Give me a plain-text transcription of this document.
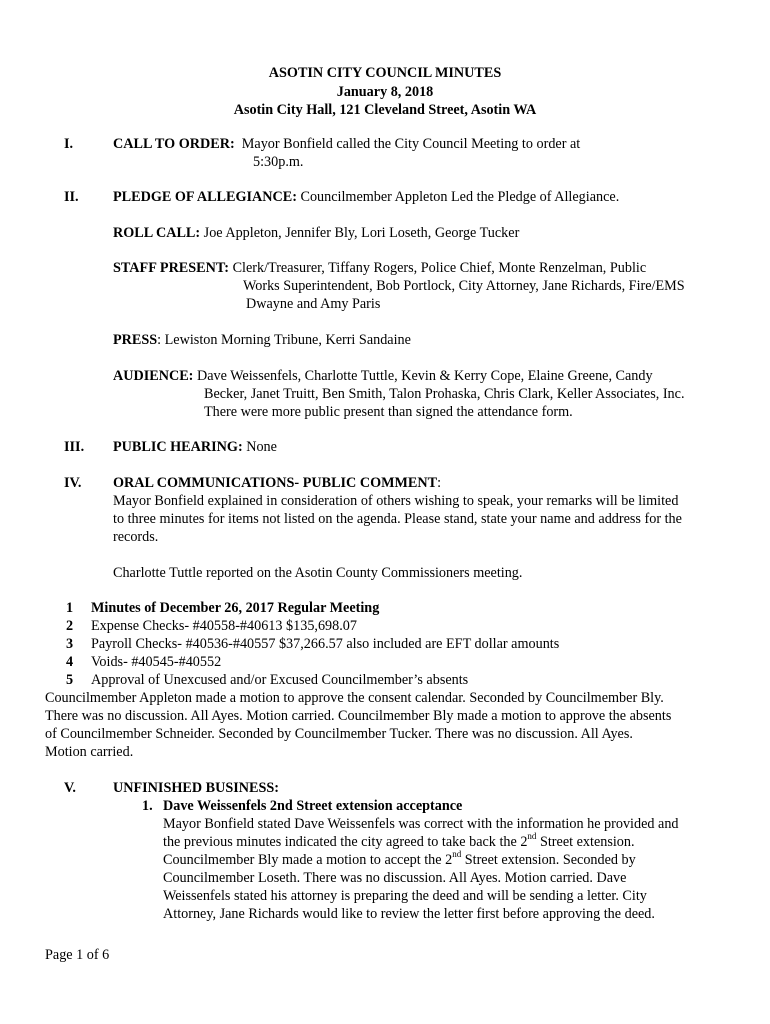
ASOTIN CITY COUNCIL MINUTES
January 8, 2018
Asotin City Hall, 121 Cleveland Street, Asotin WA
I.	CALL TO ORDER: Mayor Bonfield called the City Council Meeting to order at
5:30p.m.
II. PLEDGE OF ALLEGIANCE: Councilmember Appleton Led the Pledge of Allegiance.
ROLL CALL: Joe Appleton, Jennifer Bly, Lori Loseth, George Tucker
STAFF PRESENT: Clerk/Treasurer, Tiffany Rogers, Police Chief, Monte Renzelman, Public
Works Superintendent, Bob Portlock, City Attorney, Jane Richards, Fire/EMS
Dwayne and Amy Paris
PRESS: Lewiston Morning Tribune, Kerri Sandaine
AUDIENCE: Dave Weissenfels, Charlotte Tuttle, Kevin & Kerry Cope, Elaine Greene, Candy
Becker, Janet Truitt, Ben Smith, Talon Prohaska, Chris Clark, Keller Associates, Inc.
There were more public present than signed the attendance form.
III. PUBLIC HEARING: None
IV. ORAL COMMUNICATIONS- PUBLIC COMMENT:
Mayor Bonfield explained in consideration of others wishing to speak, your remarks will be limited
to three minutes for items not listed on the agenda. Please stand, state your name and address for the
records.
Charlotte Tuttle reported on the Asotin County Commissioners meeting.
1 Minutes of December 26, 2017 Regular Meeting
2 Expense Checks- #40558-#40613 $135,698.07
3 Payroll Checks- #40536-#40557 $37,266.57 also included are EFT dollar amounts
4 Voids- #40545-#40552
5 Approval of Unexcused and/or Excused Councilmember’s absents
Councilmember Appleton made a motion to approve the consent calendar. Seconded by Councilmember Bly.
There was no discussion. All Ayes. Motion carried. Councilmember Bly made a motion to approve the absents
of Councilmember Schneider. Seconded by Councilmember Tucker. There was no discussion. All Ayes.
Motion carried.
V.	UNFINISHED BUSINESS:
1. Dave Weissenfels 2nd Street extension acceptance
Mayor Bonfield stated Dave Weissenfels was correct with the information he provided and
the previous minutes indicated the city agreed to take back the 2nd Street extension.
Councilmember Bly made a motion to accept the 2nd Street extension. Seconded by
Councilmember Loseth. There was no discussion. All Ayes. Motion carried. Dave
Weissenfels stated his attorney is preparing the deed and will be sending a letter. City
Attorney, Jane Richards would like to review the letter first before approving the deed.
Page 1 of 6
